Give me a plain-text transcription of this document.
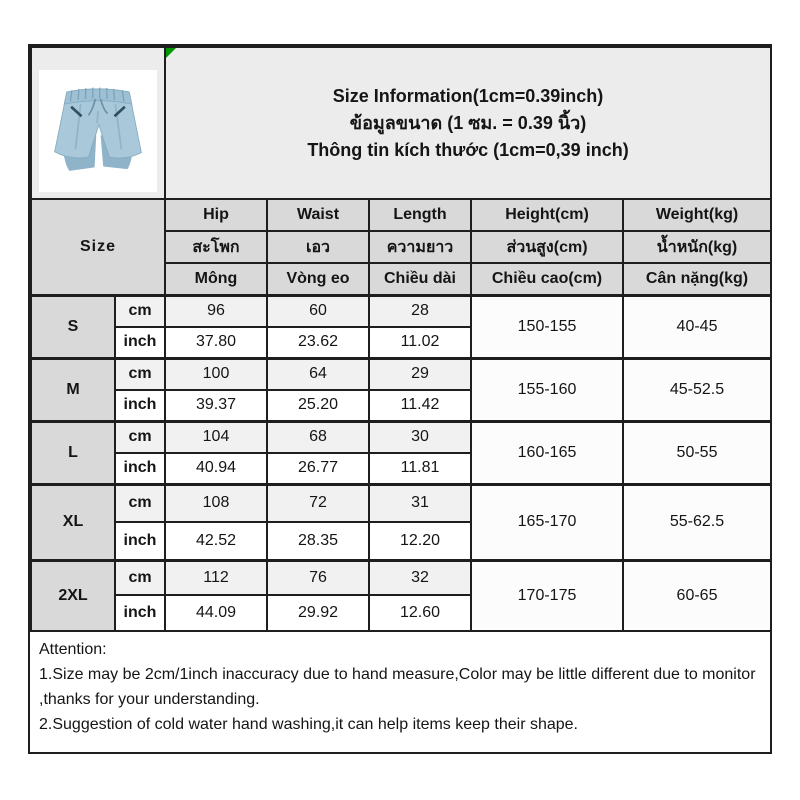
Size Information(1cm=0.39inch)
ข้อมูลขนาด (1 ซม. = 0.39 นิ้ว)
Thông tin kích thước (1cm=0,39 inch)				

Size		Hip	Waist	Length	Height(cm)	Weight(kg)
		สะโพก	เอว	ความยาว	ส่วนสูง(cm)	น้ำหนัก(kg)
		Mông	Vòng eo	Chiều dài	Chiều cao(cm)	Cân nặng(kg)
S	cm	96	60	28	150-155	40-45
	inch	37.80	23.62	11.02		
M	cm	100	64	29	155-160	45-52.5
	inch	39.37	25.20	11.42		
L	cm	104	68	30	160-165	50-55
	inch	40.94	26.77	11.81		
XL	cm	108	72	31	165-170	55-62.5
	inch	42.52	28.35	12.20		
2XL	cm	112	76	32	170-175	60-65
	inch	44.09	29.92	12.60		
Attention:
1.Size may be 2cm/1inch inaccuracy due to hand measure,Color may be little different due to monitor ,thanks for your understanding.
2.Suggestion of cold water hand washing,it can help items keep their shape.
